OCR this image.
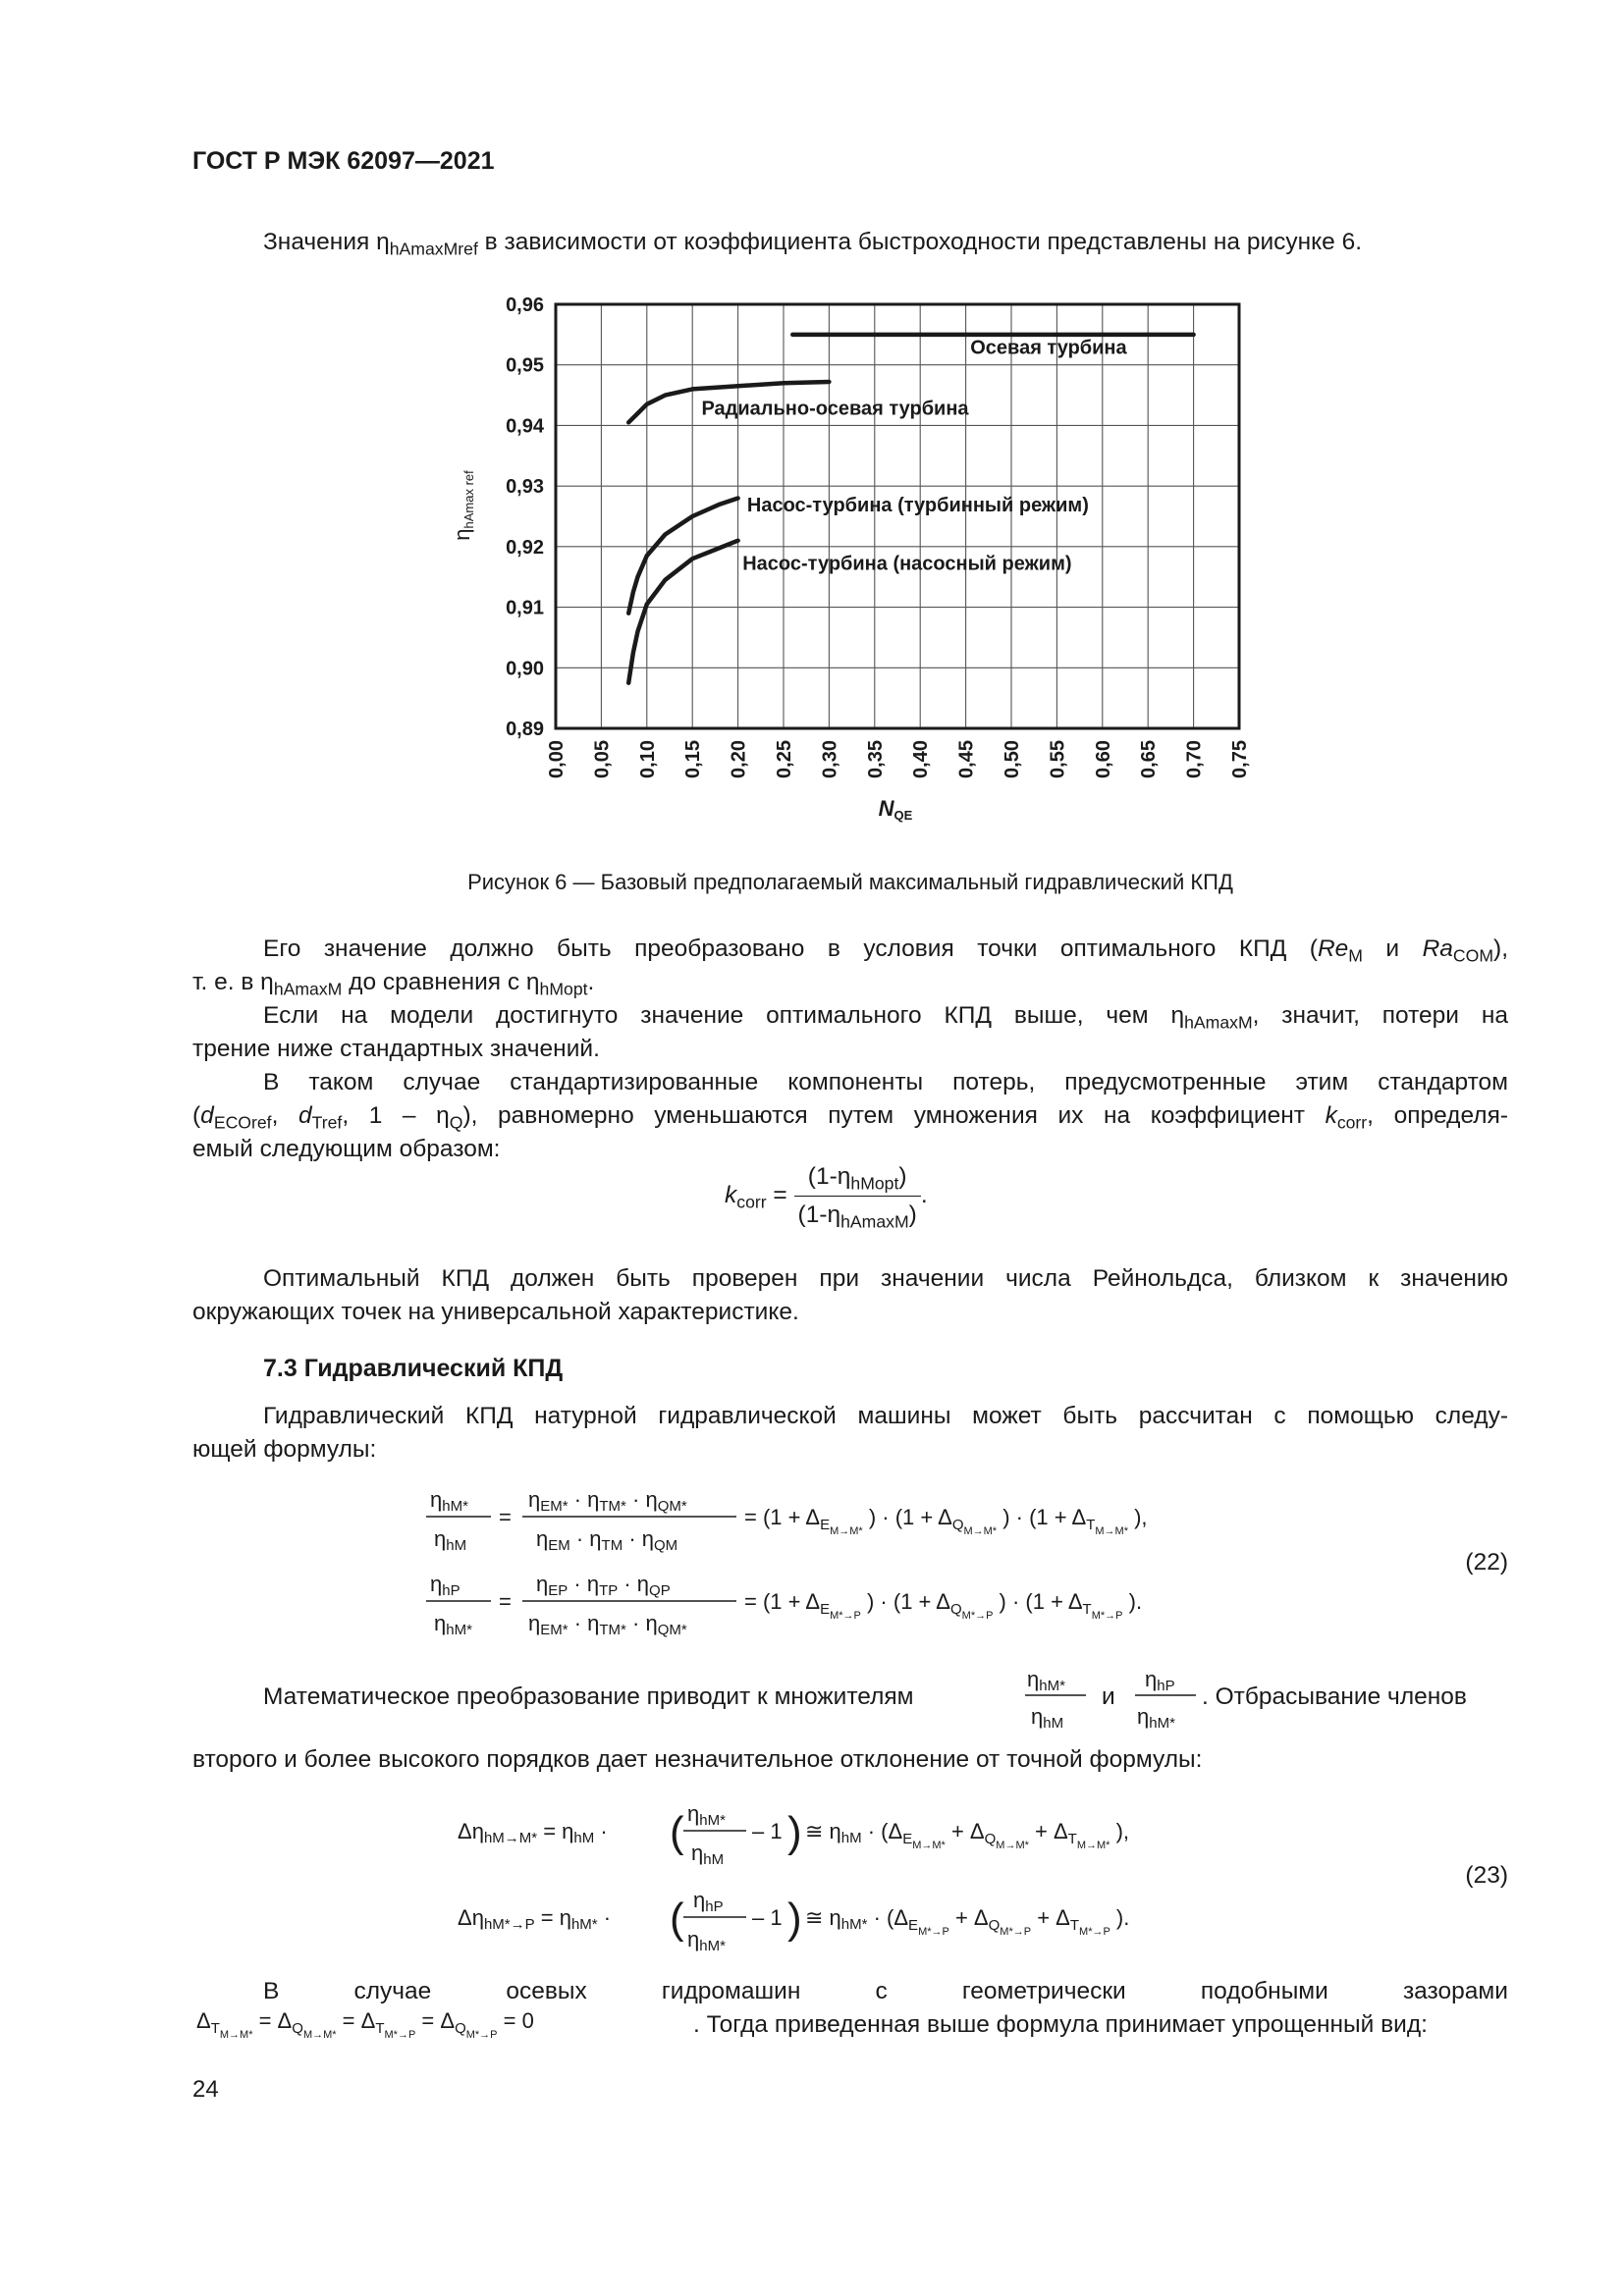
ГОСТ Р МЭК 62097—2021
Значения $\eta_{hAmaxMref}$ в зависимости от коэффициента быстроходности представлены на рисунке 6.
0,89
0,90
0,91
0,92
0,93
0,94
0,95
0,96
0,00 0,05 0,10 0,15 0,20 0,25 0,30 0,35 0,40 0,45 0,50 0,55 0,60 0,65 0,70 0,75
Осевая турбина
Радиально-осевая турбина
Насос-турбина (турбинный режим)
Насос-турбина (насосный режим)
ηhAmax ref
NQE
Рисунок 6 — Базовый предполагаемый максимальный гидравлический КПД
Его значение должно быть преобразовано в условия точки оптимального КПД ($Re_M$ и $Ra_{COM}$),
т. е. в $\eta_{hAmaxM}$ до сравнения с $\eta_{hMopt}$.
Если на модели достигнуто значение оптимального КПД выше, чем $\eta_{hAmaxM}$, значит, потери на
трение ниже стандартных значений.
В таком случае стандартизированные компоненты потерь, предусмотренные этим стандартом
($d_{ECOref}$, $d_{Tref}$, $1 - \eta_Q$), равномерно уменьшаются путем умножения их на коэффициент $k_{corr}$, определя-
емый следующим образом:
$k_{corr} = \frac{(1-\eta_{hMopt})}{(1-\eta_{hAmaxM})}$ .
Оптимальный КПД должен быть проверен при значении числа Рейнольдса, близком к значению
окружающих точек на универсальной характеристике.
7.3 Гидравлический КПД
Гидравлический КПД натурной гидравлической машины может быть рассчитан с помощью следу-
ющей формулы:
ηhM*
ηhM
=
ηEM* · ηTM* · ηQM*
ηEM · ηTM · ηQM
= ($1 + \Delta_{EM\to M*}$ ) · ($1 + \Delta_{QM\to M*}$ ) · ($1 + \Delta_{TM\to M*}$ ),
ηhP
ηhM*
=
ηEP · ηTP · ηQP
ηEM* · ηTM* · ηQM*
= ($1 + \Delta_{EM*\to P}$ ) · ($1 + \Delta_{QM*\to P}$ ) · ($1 + \Delta_{TM*\to P}$ ).
(22)
Математическое преобразование приводит к множителям
ηhM*
ηhM
ηhP
ηhM*
и	. Отбрасывание членов
второго и более высокого порядков дает незначительное отклонение от точной формулы:
ΔηhM→M* = ηhM · ( ηhM*
ηhM
– 1 ) ≅ $\eta hM \cdot (\Delta_{EM\to M*} + \Delta_{QM\to M*} + \Delta_{TM\to M*}$ ),
ΔηhM*→P = ηhM* · ( ηhP
ηhM*
– 1 ) ≅ $\eta hM* \cdot (\Delta_{EM*\to P} + \Delta_{QM*\to P} + \Delta_{TM*\to P}$ ).
(23)
В	случае	осевых	гидромашин	с	геометрически	подобными	зазорами
$\Delta_{TM\to M*} = \Delta_{QM\to M*} = \Delta_{TM*\to P} = \Delta_{QM*\to P} = 0$	. Тогда приведенная выше формула принимает упрощенный вид:
24
